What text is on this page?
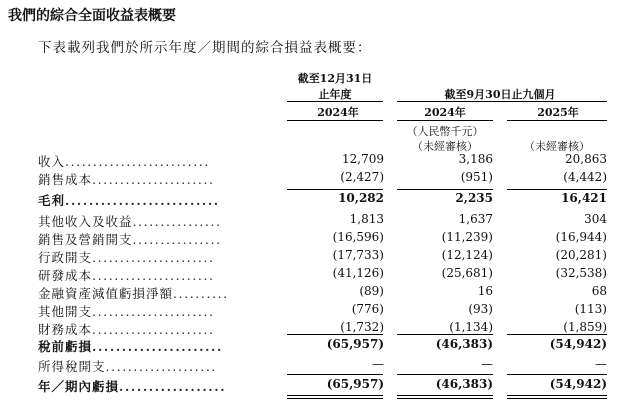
我們的綜合全面收益表概要
下表載列我們於所示年度／期間的綜合損益表概要：
截至12月31日
止年度	截至9月30日止九個月
2024年	2024年	2025年
（人民幣千元）
（未經審核）	（未經審核）
收入..........................	12,709	3,186	20,863
銷售成本......................	(2,427)	(951)	(4,442)
毛利..........................	10,282	2,235	16,421
其他收入及收益................	1,813	1,637	304
銷售及營銷開支................	(16,596)	(11,239)	(16,944)
行政開支......................	(17,733)	(12,124)	(20,281)
研發成本......................	(41,126)	(25,681)	(32,538)
金融資產減值虧損淨額..........	(89)	16	68
其他開支......................	(776)	(93)	(113)
財務成本......................	(1,732)	(1,134)	(1,859)
稅前虧損......................	(65,957)	(46,383)	(54,942)
所得稅開支....................	—	—	—
年／期內虧損..................	(65,957)	(46,383)	(54,942)
